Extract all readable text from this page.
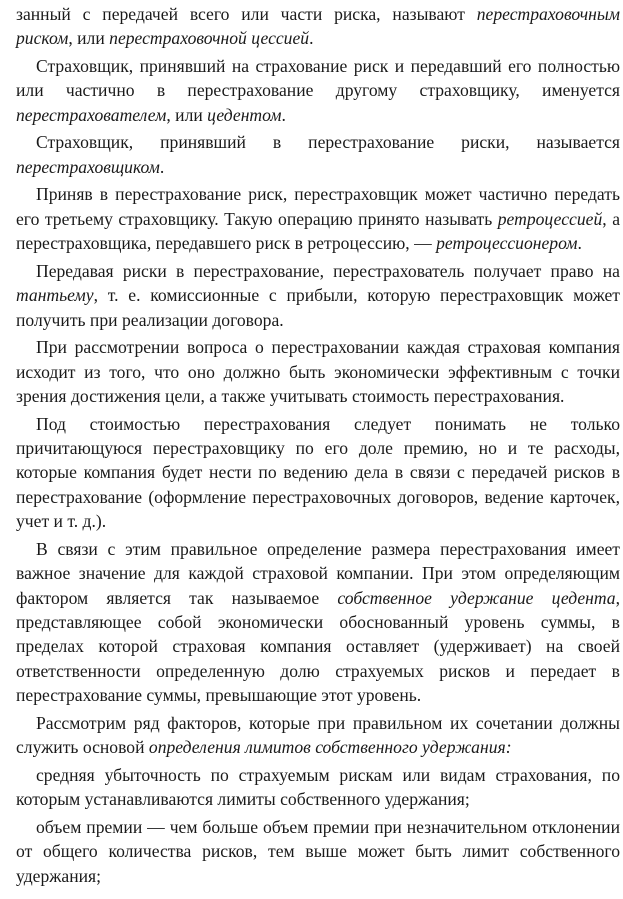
занный с передачей всего или части риска, называют перестраховочным риском, или перестраховочной цессией.

Страховщик, принявший на страхование риск и передавший его полностью или частично в перестрахование другому страховщику, именуется перестрахователем, или цедентом.

Страховщик, принявший в перестрахование риски, называется перестраховщиком.

Приняв в перестрахование риск, перестраховщик может частично передать его третьему страховщику. Такую операцию принято называть ретроцессией, а перестраховщика, передавшего риск в ретроцессию, — ретроцессионером.

Передавая риски в перестрахование, перестрахователь получает право на тантьему, т. е. комиссионные с прибыли, которую перестраховщик может получить при реализации договора.

При рассмотрении вопроса о перестраховании каждая страховая компания исходит из того, что оно должно быть экономически эффективным с точки зрения достижения цели, а также учитывать стоимость перестрахования.

Под стоимостью перестрахования следует понимать не только причитающуюся перестраховщику по его доле премию, но и те расходы, которые компания будет нести по ведению дела в связи с передачей рисков в перестрахование (оформление перестраховочных договоров, ведение карточек, учет и т. д.).

В связи с этим правильное определение размера перестрахования имеет важное значение для каждой страховой компании. При этом определяющим фактором является так называемое собственное удержание цедента, представляющее собой экономически обоснованный уровень суммы, в пределах которой страховая компания оставляет (удерживает) на своей ответственности определенную долю страхуемых рисков и передает в перестрахование суммы, превышающие этот уровень.

Рассмотрим ряд факторов, которые при правильном их сочетании должны служить основой определения лимитов собственного удержания:

средняя убыточность по страхуемым рискам или видам страхования, по которым устанавливаются лимиты собственного удержания;

объем премии — чем больше объем премии при незначительном отклонении от общего количества рисков, тем выше может быть лимит собственного удержания;
